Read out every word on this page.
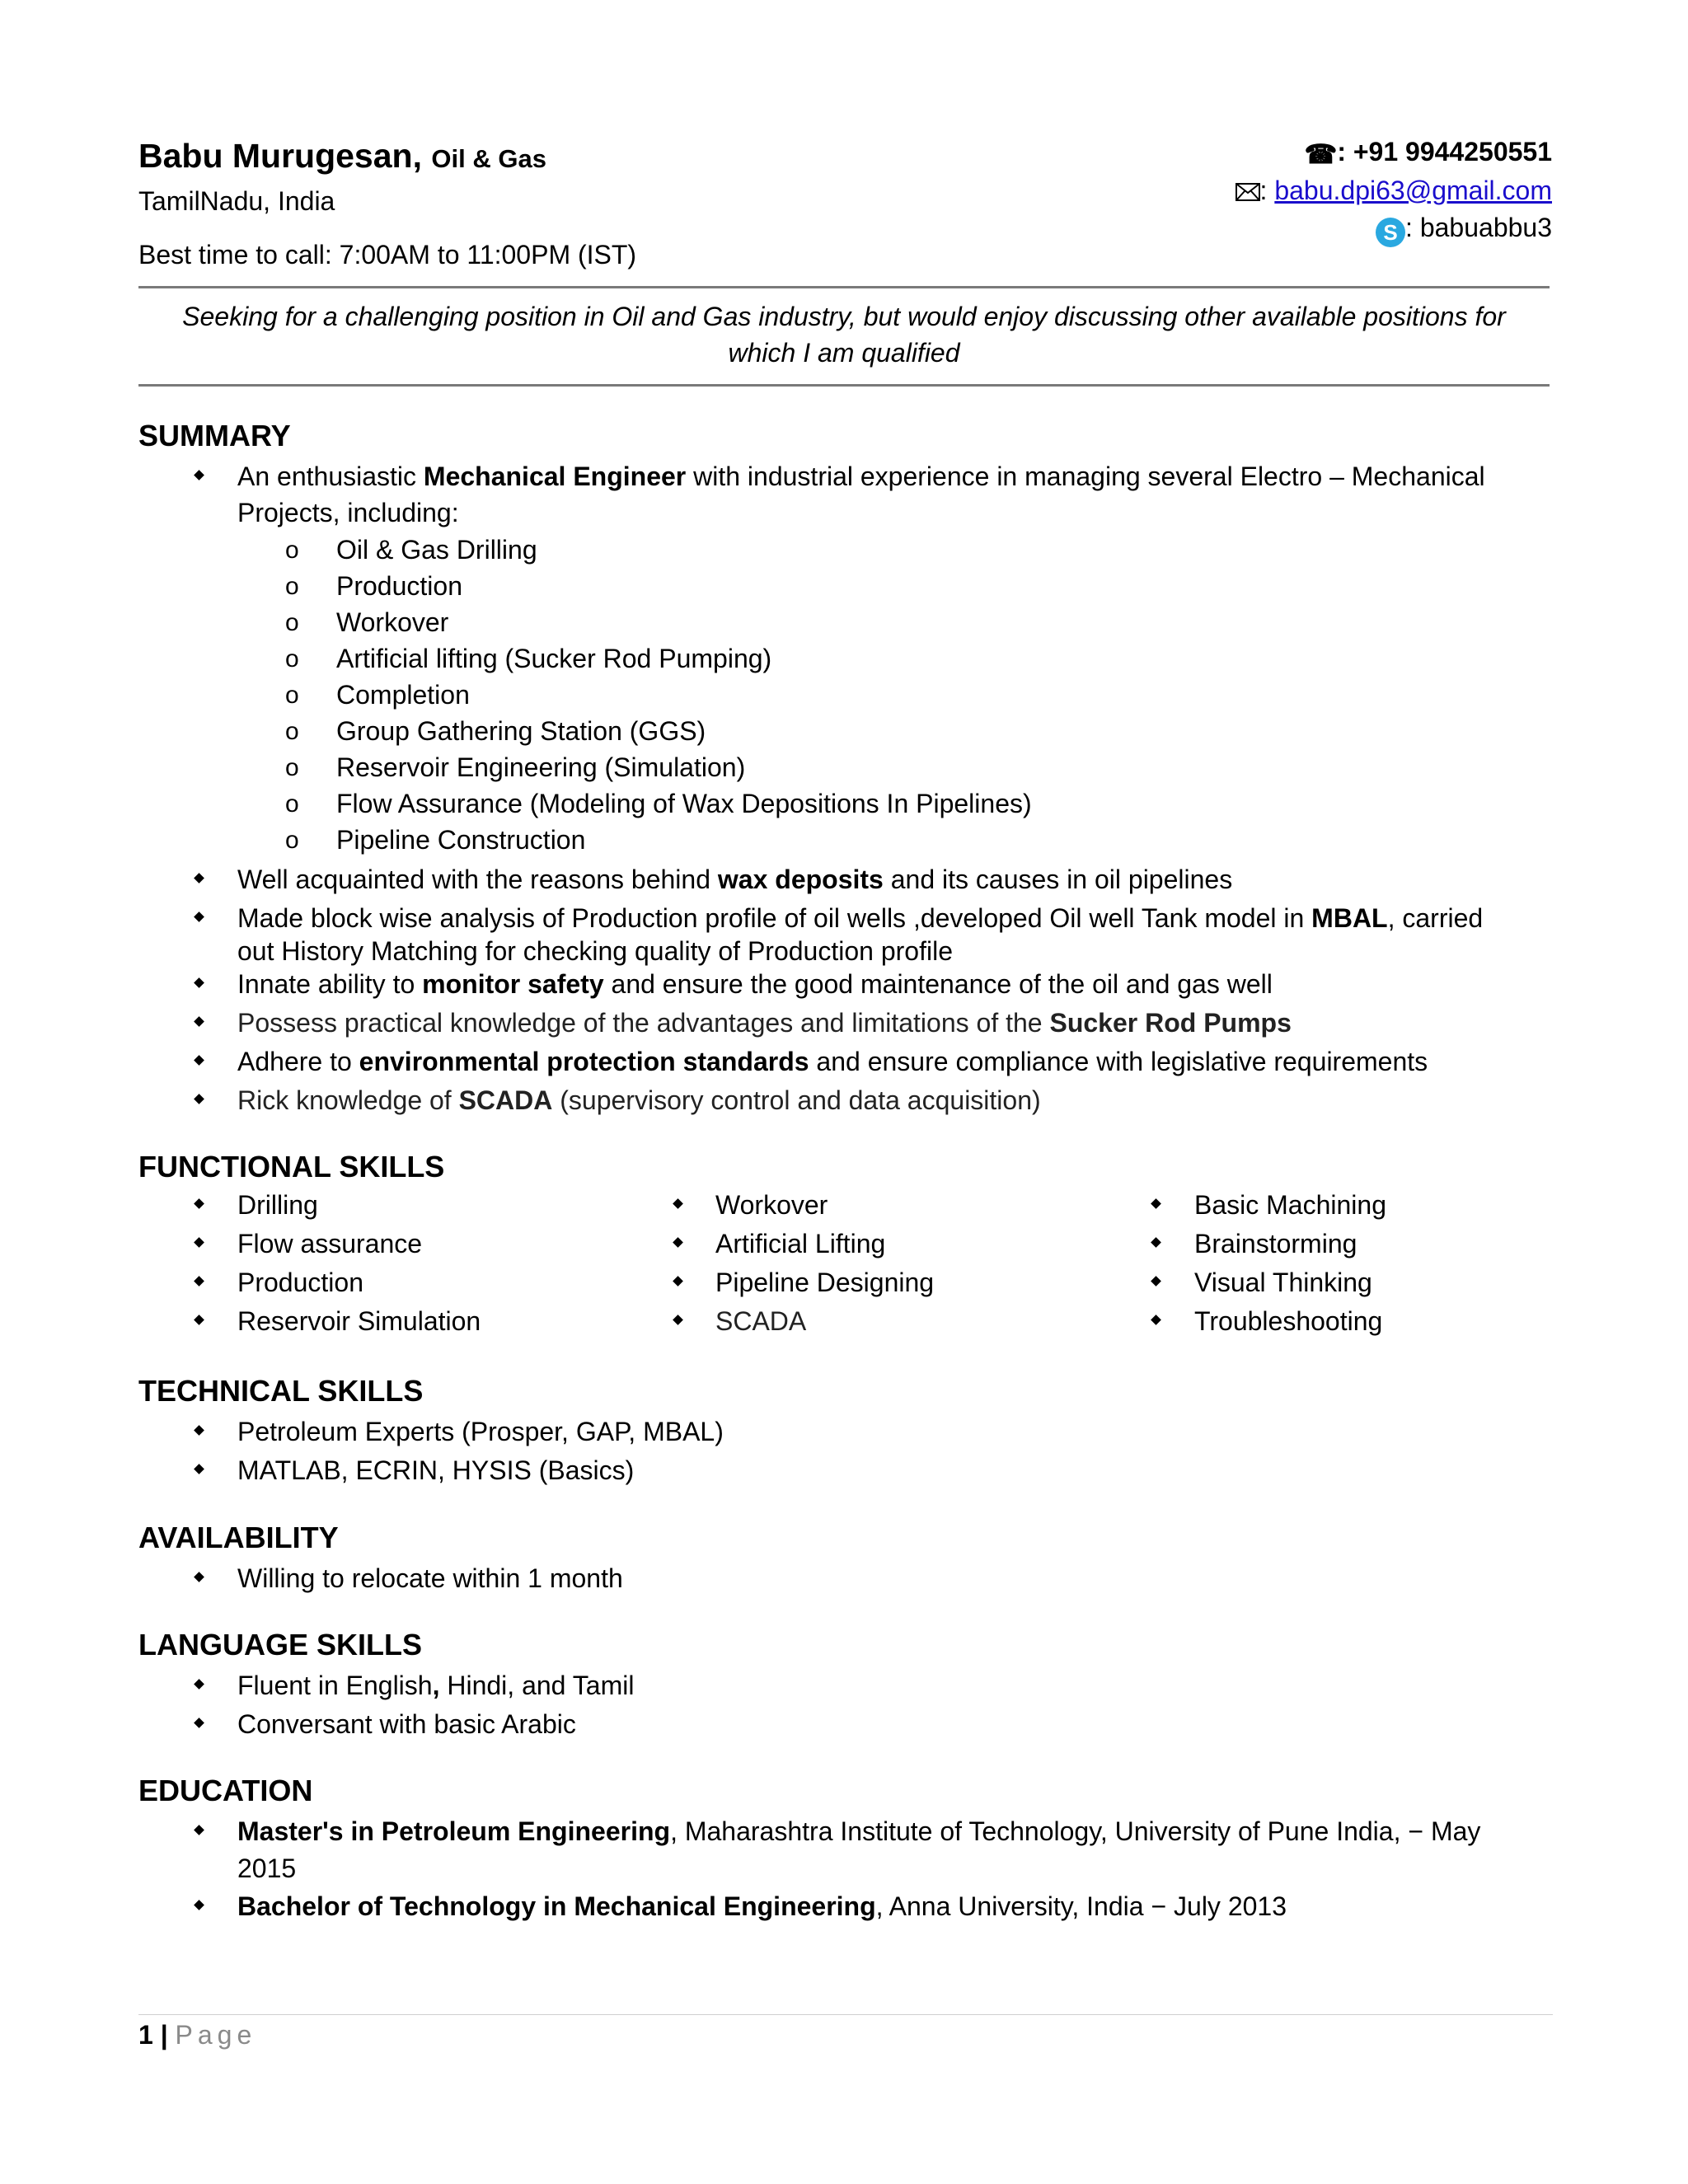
Babu Murugesan, Oil & Gas
TamilNadu, India
Best time to call: 7:00AM to 11:00PM (IST)
☎: +91 9944250551
: babu.dpi63@gmail.com
S : babuabbu3
Seeking for a challenging position in Oil and Gas industry, but would enjoy discussing other available positions for
which I am qualified
SUMMARY
An enthusiastic Mechanical Engineer with industrial experience in managing several Electro – Mechanical
Projects, including:
o Oil & Gas Drilling
o Production
o Workover
o Artificial lifting (Sucker Rod Pumping)
o Completion
o Group Gathering Station (GGS)
o Reservoir Engineering (Simulation)
o Flow Assurance (Modeling of Wax Depositions In Pipelines)
o Pipeline Construction
Well acquainted with the reasons behind wax deposits and its causes in oil pipelines
Made block wise analysis of Production profile of oil wells ,developed Oil well Tank model in MBAL, carried
out History Matching for checking quality of Production profile
Innate ability to monitor safety and ensure the good maintenance of the oil and gas well
Possess practical knowledge of the advantages and limitations of the Sucker Rod Pumps
Adhere to environmental protection standards and ensure compliance with legislative requirements
Rick knowledge of SCADA (supervisory control and data acquisition)
FUNCTIONAL SKILLS
Drilling
Flow assurance
Production
Reservoir Simulation
Workover
Artificial Lifting
Pipeline Designing
SCADA
Basic Machining
Brainstorming
Visual Thinking
Troubleshooting
TECHNICAL SKILLS
Petroleum Experts (Prosper, GAP, MBAL)
MATLAB, ECRIN, HYSIS (Basics)
AVAILABILITY
Willing to relocate within 1 month
LANGUAGE SKILLS
Fluent in English, Hindi, and Tamil
Conversant with basic Arabic
EDUCATION
Master's in Petroleum Engineering, Maharashtra Institute of Technology, University of Pune India, − May
2015
Bachelor of Technology in Mechanical Engineering, Anna University, India − July 2013
1 | Page
